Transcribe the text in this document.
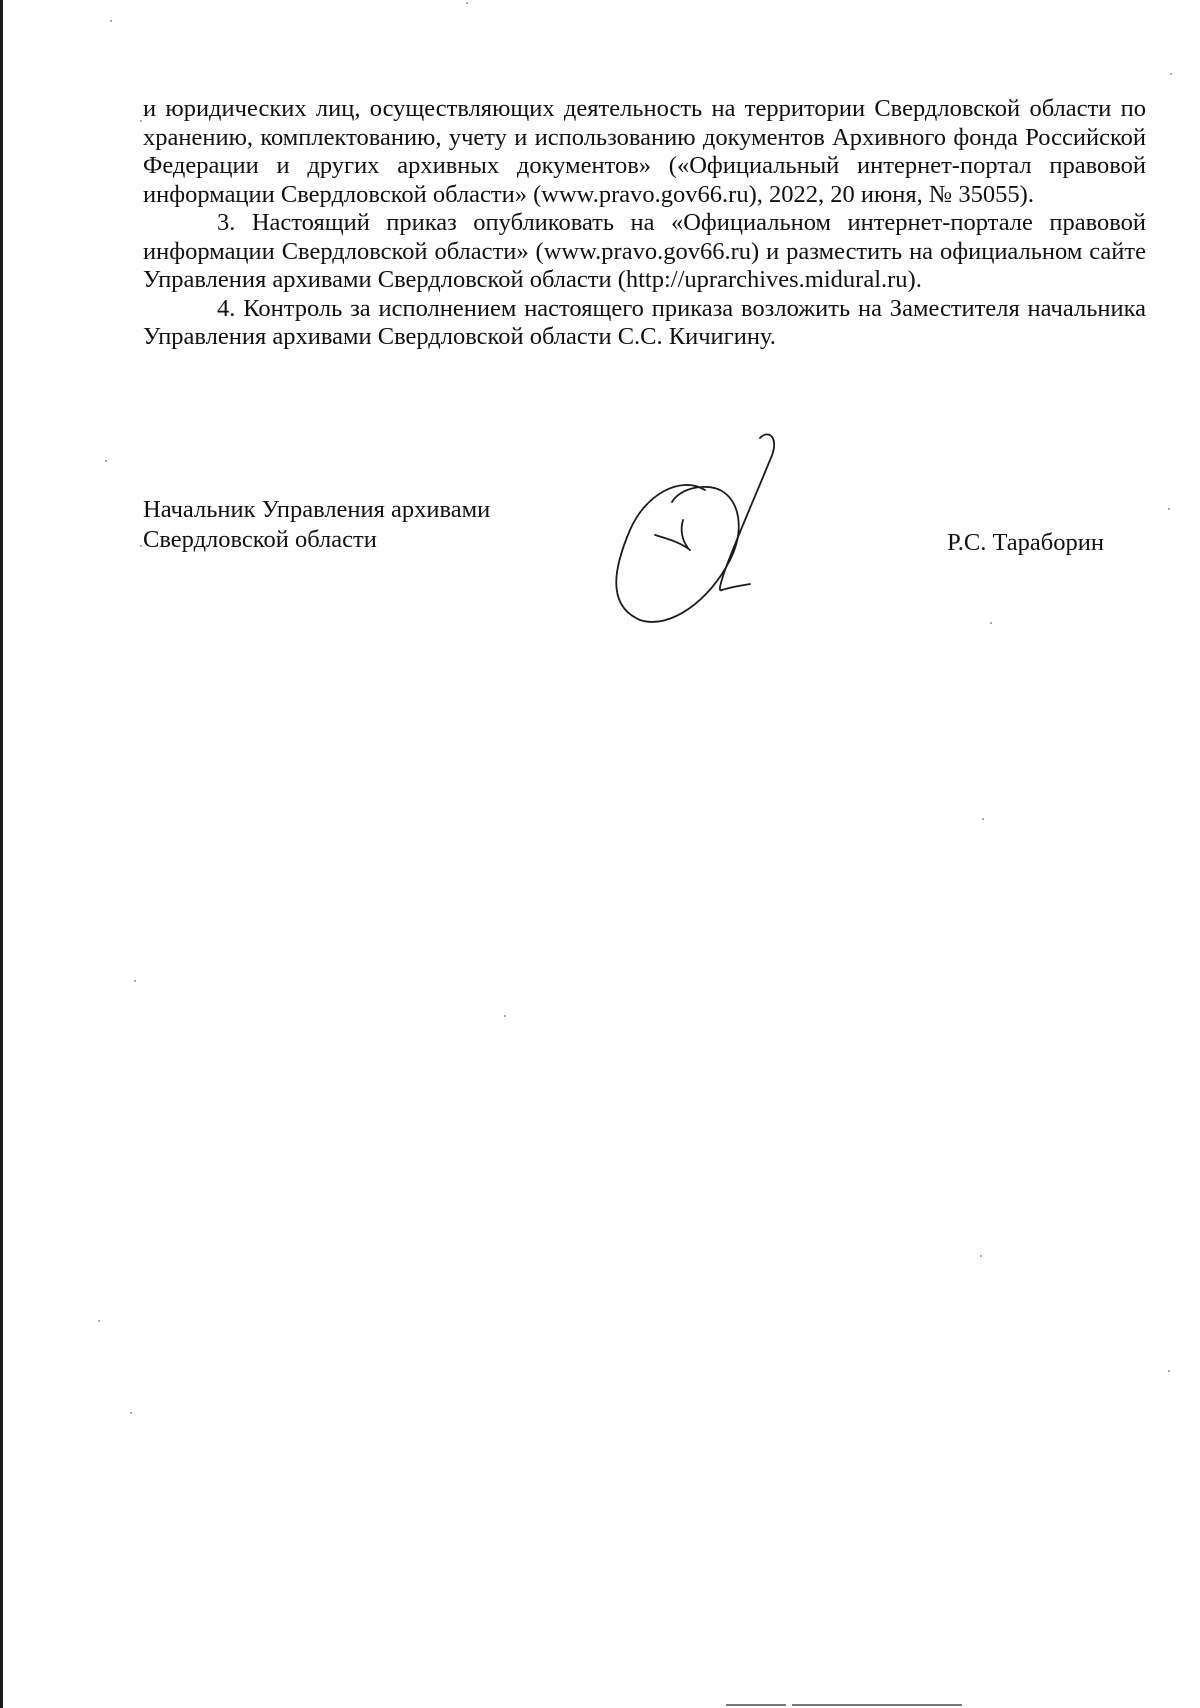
и юридических лиц, осуществляющих деятельность на территории Свердловской области по хранению, комплектованию, учету и использованию документов Архивного фонда Российской Федерации и других архивных документов» («Официальный интернет-портал правовой информации Свердловской области» (www.pravo.gov66.ru), 2022, 20 июня, № 35055).

3. Настоящий приказ опубликовать на «Официальном интернет-портале правовой информации Свердловской области» (www.pravo.gov66.ru) и разместить на официальном сайте Управления архивами Свердловской области (http://uprarchives.midural.ru).

4. Контроль за исполнением настоящего приказа возложить на Заместителя начальника Управления архивами Свердловской области С.С. Кичигину.

Начальник Управления архивами
Свердловской области	Р.С. Тараборин
